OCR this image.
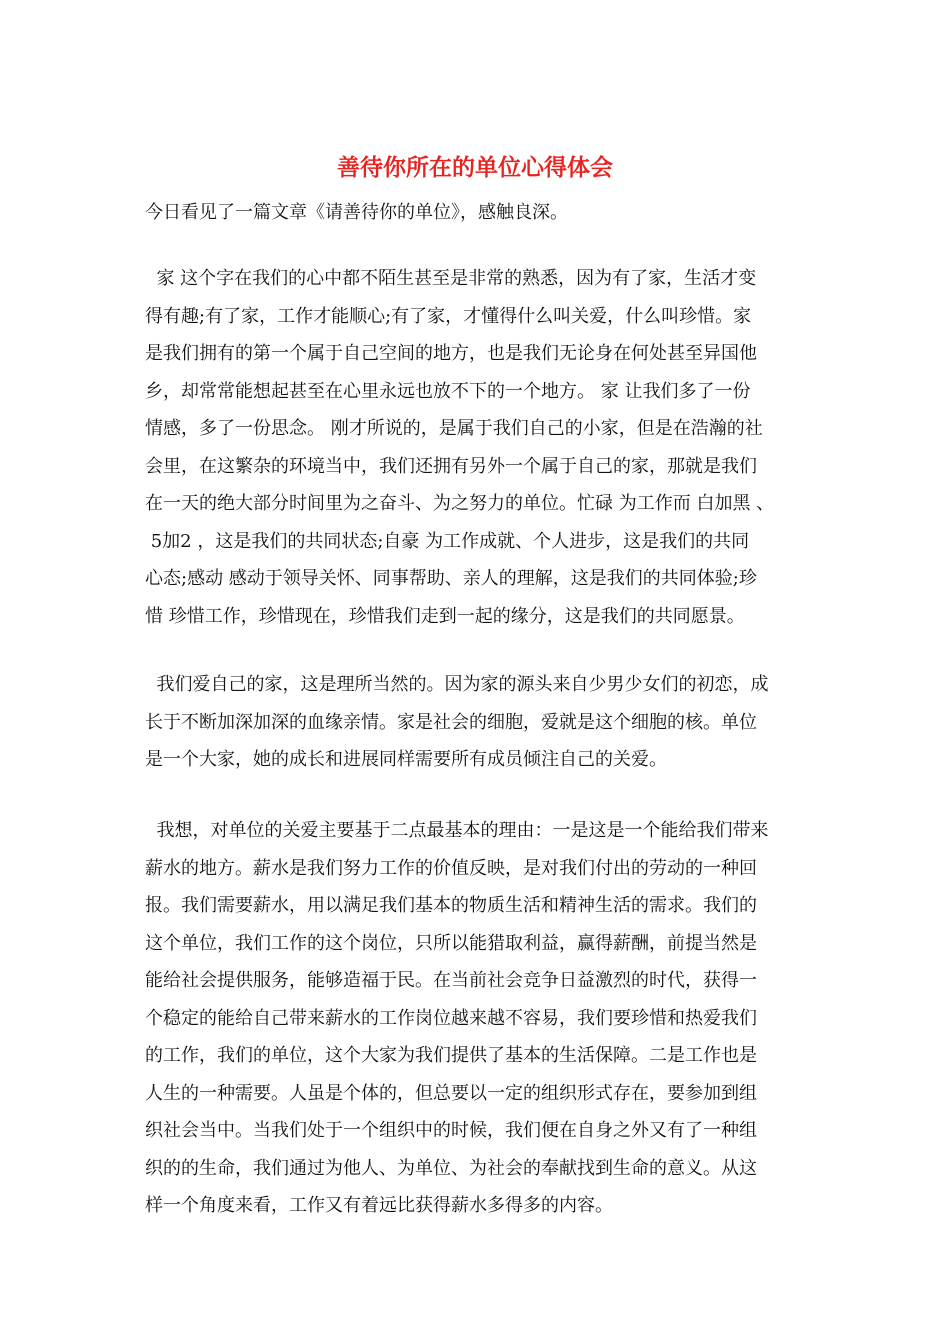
善待你所在的单位心得体会
今日看见了一篇文章《请善待你的单位》，感触良深。
家 这个字在我们的心中都不陌生甚至是非常的熟悉，因为有了家，生活才变
得有趣;有了家，工作才能顺心;有了家，才懂得什么叫关爱，什么叫珍惜。家
是我们拥有的第一个属于自己空间的地方，也是我们无论身在何处甚至异国他
乡，却常常能想起甚至在心里永远也放不下的一个地方。 家 让我们多了一份
情感，多了一份思念。 刚才所说的，是属于我们自己的小家，但是在浩瀚的社
会里，在这繁杂的环境当中，我们还拥有另外一个属于自己的家，那就是我们
在一天的绝大部分时间里为之奋斗、为之努力的单位。忙碌 为工作而 白加黑 、
5加2 ，这是我们的共同状态;自豪 为工作成就、个人进步，这是我们的共同
心态;感动 感动于领导关怀、同事帮助、亲人的理解，这是我们的共同体验;珍
惜 珍惜工作，珍惜现在，珍惜我们走到一起的缘分，这是我们的共同愿景。
我们爱自己的家，这是理所当然的。因为家的源头来自少男少女们的初恋，成
长于不断加深加深的血缘亲情。家是社会的细胞，爱就是这个细胞的核。单位
是一个大家，她的成长和进展同样需要所有成员倾注自己的关爱。
我想，对单位的关爱主要基于二点最基本的理由：一是这是一个能给我们带来
薪水的地方。薪水是我们努力工作的价值反映，是对我们付出的劳动的一种回
报。我们需要薪水，用以满足我们基本的物质生活和精神生活的需求。我们的
这个单位，我们工作的这个岗位，只所以能猎取利益，赢得薪酬，前提当然是
能给社会提供服务，能够造福于民。在当前社会竞争日益激烈的时代，获得一
个稳定的能给自己带来薪水的工作岗位越来越不容易，我们要珍惜和热爱我们
的工作，我们的单位，这个大家为我们提供了基本的生活保障。二是工作也是
人生的一种需要。人虽是个体的，但总要以一定的组织形式存在，要参加到组
织社会当中。当我们处于一个组织中的时候，我们便在自身之外又有了一种组
织的的生命，我们通过为他人、为单位、为社会的奉献找到生命的意义。从这
样一个角度来看，工作又有着远比获得薪水多得多的内容。
